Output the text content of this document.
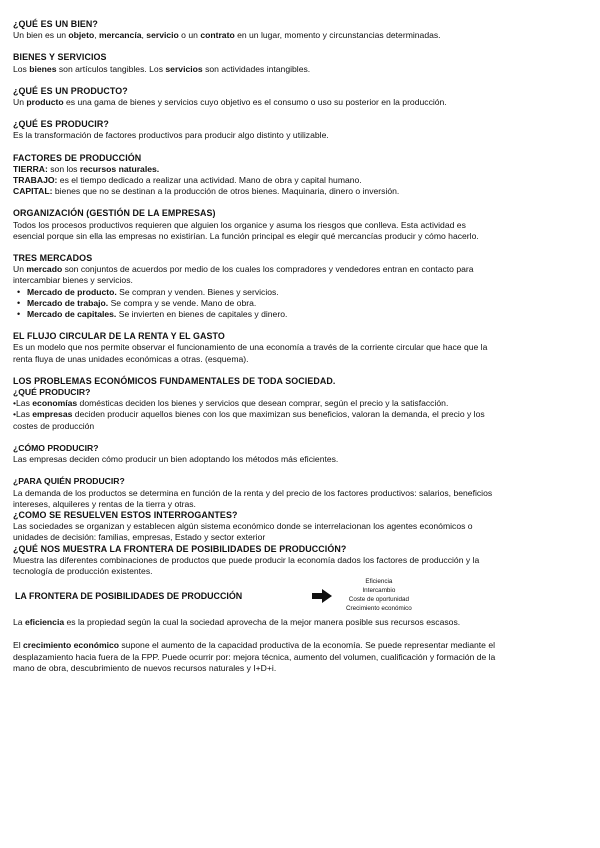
¿QUÉ ES UN BIEN?

Un bien es un objeto, mercancía, servicio o un contrato en un lugar, momento y circunstancias determinadas.

BIENES Y SERVICIOS

Los bienes son artículos tangibles. Los servicios son actividades intangibles.

¿QUÉ ES UN PRODUCTO?

Un producto es una gama de bienes y servicios cuyo objetivo es el consumo o uso su posterior en la producción.

¿QUÉ ES PRODUCIR?

Es la transformación de factores productivos para producir algo distinto y utilizable.

FACTORES DE PRODUCCIÓN

TIERRA: son los recursos naturales.

TRABAJO: es el tiempo dedicado a realizar una actividad. Mano de obra y capital humano.

CAPITAL: bienes que no se destinan a la producción de otros bienes. Maquinaria, dinero o inversión.

ORGANIZACIÓN (GESTIÓN DE LA EMPRESAS)

Todos los procesos productivos requieren que alguien los organice y asuma los riesgos que conlleva. Esta actividad es

esencial porque sin ella las empresas no existirían. La función principal es elegir qué mercancías producir y cómo hacerlo.

TRES MERCADOS

Un mercado son conjuntos de acuerdos por medio de los cuales los compradores y vendedores entran en contacto para

intercambiar bienes y servicios.

• Mercado de producto. Se compran y venden. Bienes y servicios.
• Mercado de trabajo. Se compra y se vende. Mano de obra.
• Mercado de capitales. Se invierten en bienes de capitales y dinero.
EL FLUJO CIRCULAR DE LA RENTA Y EL GASTO

Es un modelo que nos permite observar el funcionamiento de una economía a través de la corriente circular que hace que la

renta fluya de unas unidades económicas a otras. (esquema).

LOS PROBLEMAS ECONÓMICOS FUNDAMENTALES DE TODA SOCIEDAD.
¿QUÉ PRODUCIR?

•Las economías domésticas deciden los bienes y servicios que desean comprar, según el precio y la satisfacción.

•Las empresas deciden producir aquellos bienes con los que maximizan sus beneficios, valoran la demanda, el precio y los

costes de producción

¿CÓMO PRODUCIR?

Las empresas deciden cómo producir un bien adoptando los métodos más eficientes.

¿PARA QUIÉN PRODUCIR?

La demanda de los productos se determina en función de la renta y del precio de los factores productivos: salarios, beneficios

intereses, alquileres y rentas de la tierra y otras.

¿COMO SE RESUELVEN ESTOS INTERROGANTES?

Las sociedades se organizan y establecen algún sistema económico donde se interrelacionan los agentes económicos o

unidades de decisión: familias, empresas, Estado y sector exterior

¿QUÉ NOS MUESTRA LA FRONTERA DE POSIBILIDADES DE PRODUCCIÓN?

Muestra las diferentes combinaciones de productos que puede producir la economía dados los factores de producción y la

tecnología de producción existentes.

LA FRONTERA DE POSIBILIDADES DE PRODUCCIÓN
Eficiencia
Intercambio
Coste de oportunidad
Crecimiento económico

La eficiencia es la propiedad según la cual la sociedad aprovecha de la mejor manera posible sus recursos escasos.

El crecimiento económico supone el aumento de la capacidad productiva de la economía. Se puede representar mediante el

desplazamiento hacia fuera de la FPP. Puede ocurrir por: mejora técnica, aumento del volumen, cualificación y formación de la

mano de obra, descubrimiento de nuevos recursos naturales y I+D+i.
